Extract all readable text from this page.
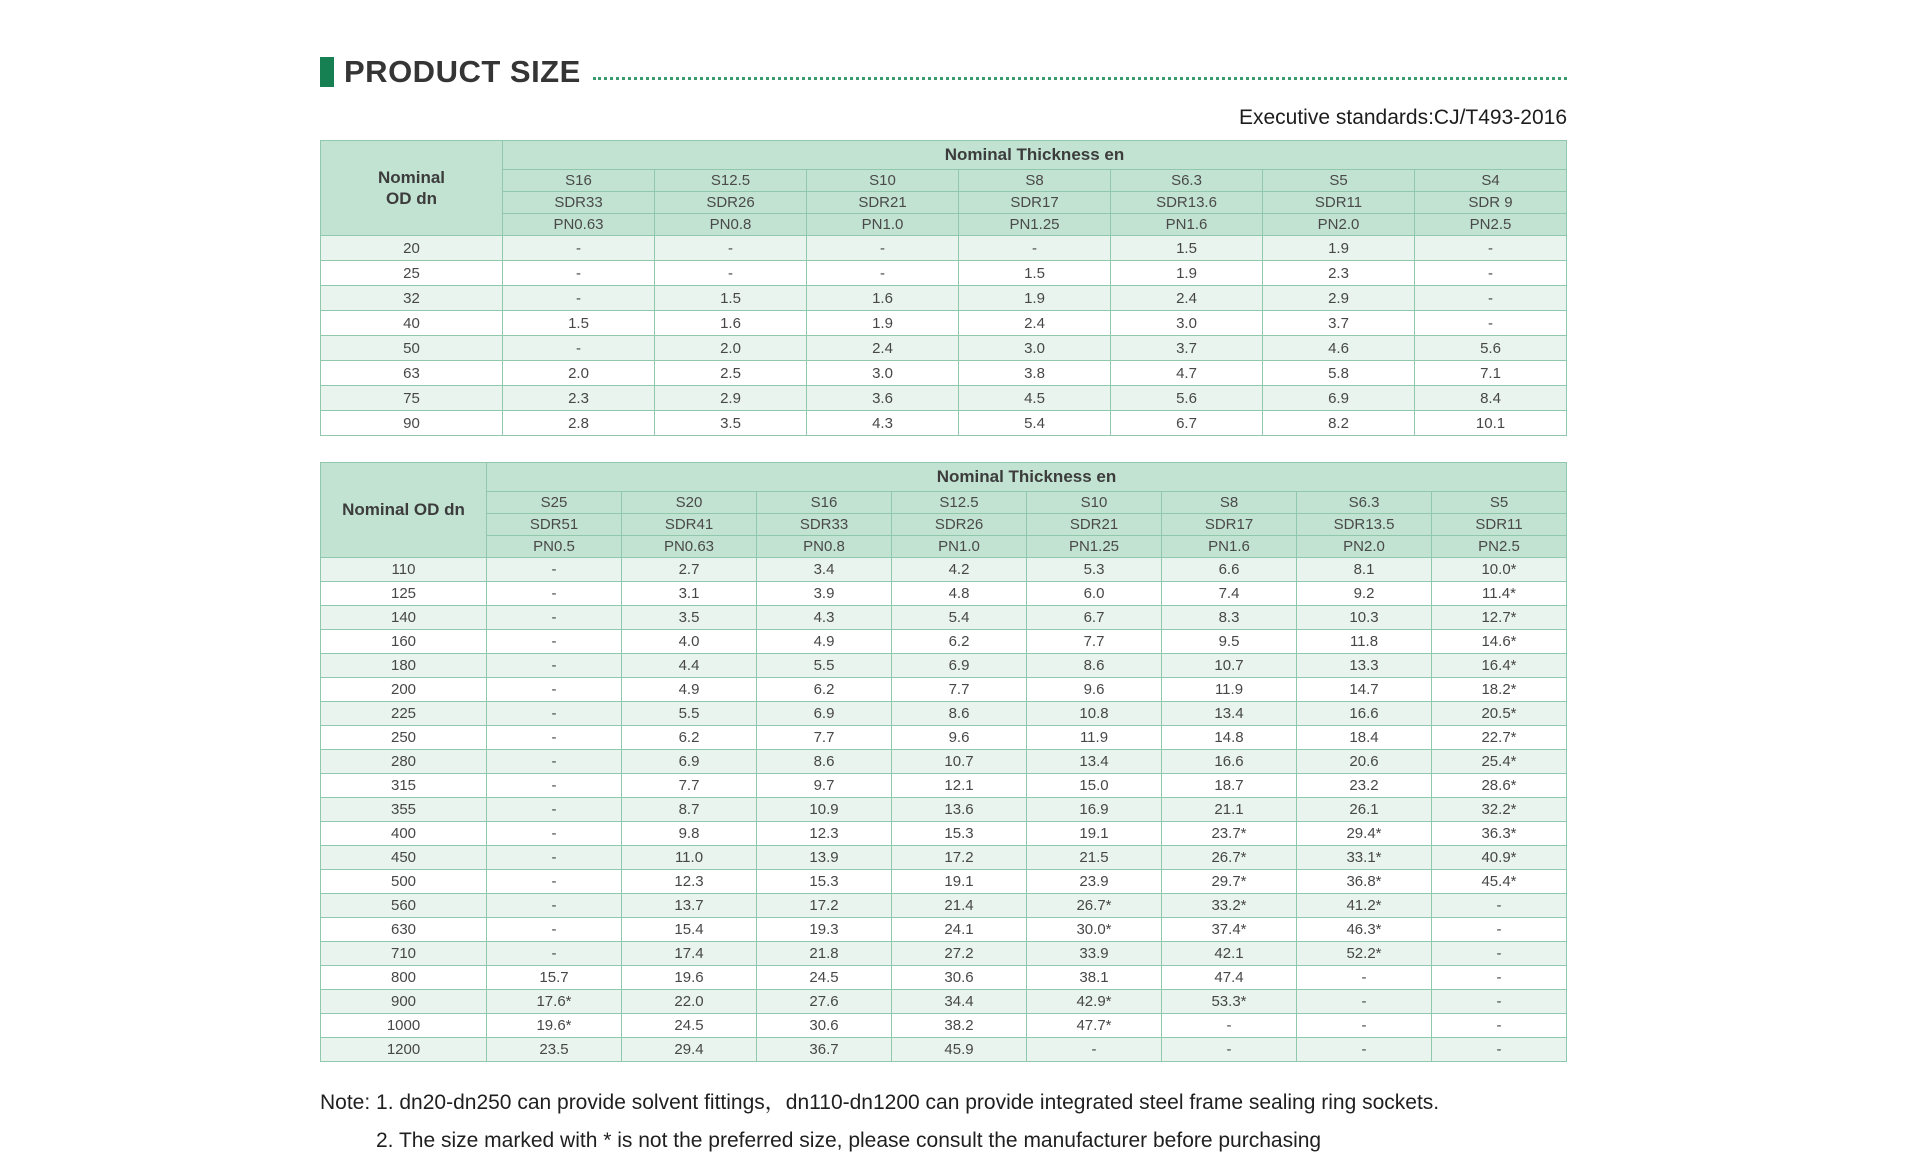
PRODUCT SIZE
Executive standards:CJ/T493-2016
Nominal
OD dn	Nominal Thickness en						
	S16	S12.5	S10	S8	S6.3	S5	S4
	SDR33	SDR26	SDR21	SDR17	SDR13.6	SDR11	SDR 9
	PN0.63	PN0.8	PN1.0	PN1.25	PN1.6	PN2.0	PN2.5
20	-	-	-	-	1.5	1.9	-
25	-	-	-	1.5	1.9	2.3	-
32	-	1.5	1.6	1.9	2.4	2.9	-
40	1.5	1.6	1.9	2.4	3.0	3.7	-
50	-	2.0	2.4	3.0	3.7	4.6	5.6
63	2.0	2.5	3.0	3.8	4.7	5.8	7.1
75	2.3	2.9	3.6	4.5	5.6	6.9	8.4
90	2.8	3.5	4.3	5.4	6.7	8.2	10.1
Nominal OD dn	Nominal Thickness en							
	S25	S20	S16	S12.5	S10	S8	S6.3	S5
	SDR51	SDR41	SDR33	SDR26	SDR21	SDR17	SDR13.5	SDR11
	PN0.5	PN0.63	PN0.8	PN1.0	PN1.25	PN1.6	PN2.0	PN2.5
110	-	2.7	3.4	4.2	5.3	6.6	8.1	10.0*
125	-	3.1	3.9	4.8	6.0	7.4	9.2	11.4*
140	-	3.5	4.3	5.4	6.7	8.3	10.3	12.7*
160	-	4.0	4.9	6.2	7.7	9.5	11.8	14.6*
180	-	4.4	5.5	6.9	8.6	10.7	13.3	16.4*
200	-	4.9	6.2	7.7	9.6	11.9	14.7	18.2*
225	-	5.5	6.9	8.6	10.8	13.4	16.6	20.5*
250	-	6.2	7.7	9.6	11.9	14.8	18.4	22.7*
280	-	6.9	8.6	10.7	13.4	16.6	20.6	25.4*
315	-	7.7	9.7	12.1	15.0	18.7	23.2	28.6*
355	-	8.7	10.9	13.6	16.9	21.1	26.1	32.2*
400	-	9.8	12.3	15.3	19.1	23.7*	29.4*	36.3*
450	-	11.0	13.9	17.2	21.5	26.7*	33.1*	40.9*
500	-	12.3	15.3	19.1	23.9	29.7*	36.8*	45.4*
560	-	13.7	17.2	21.4	26.7*	33.2*	41.2*	-
630	-	15.4	19.3	24.1	30.0*	37.4*	46.3*	-
710	-	17.4	21.8	27.2	33.9	42.1	52.2*	-
800	15.7	19.6	24.5	30.6	38.1	47.4	-	-
900	17.6*	22.0	27.6	34.4	42.9*	53.3*	-	-
1000	19.6*	24.5	30.6	38.2	47.7*	-	-	-
1200	23.5	29.4	36.7	45.9	-	-	-	-
Note: 1. dn20-dn250 can provide solvent fittings，dn110-dn1200 can provide integrated steel frame sealing ring sockets.
2. The size marked with * is not the preferred size, please consult the manufacturer before purchasing
